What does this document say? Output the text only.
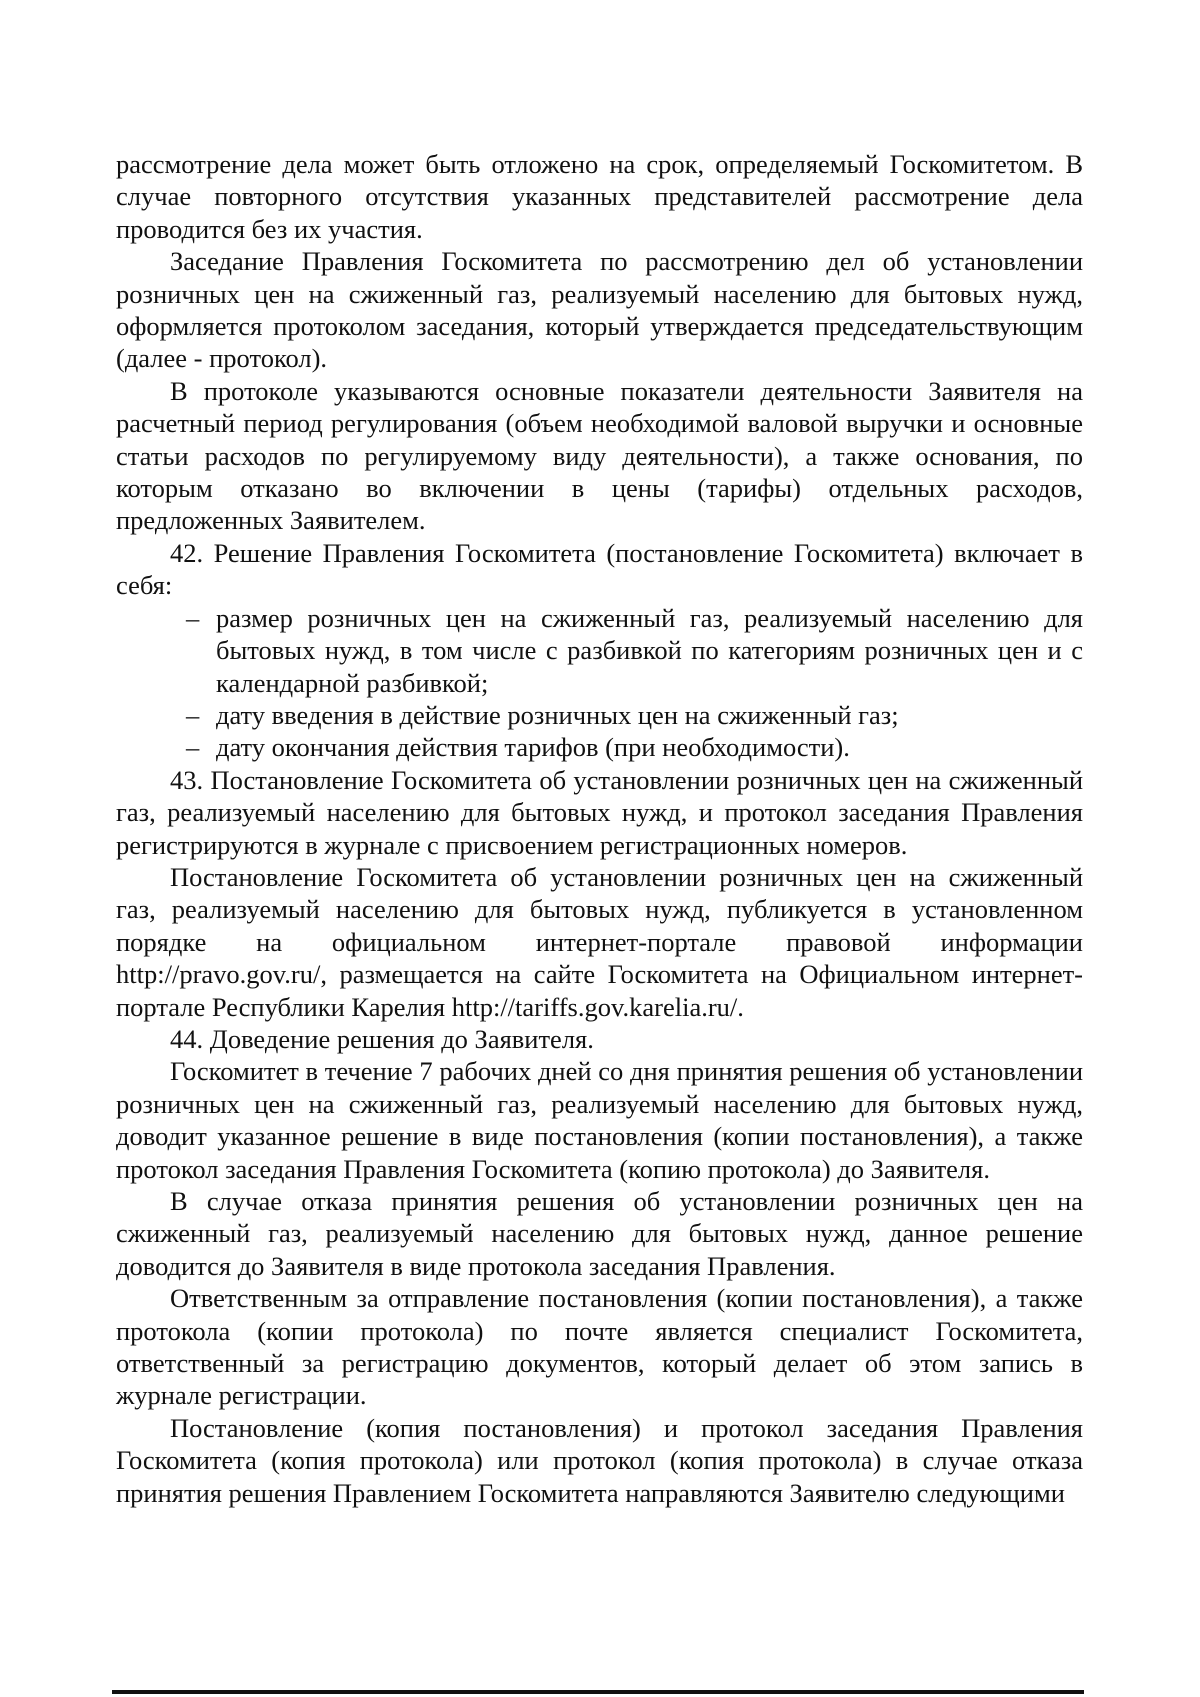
рассмотрение дела может быть отложено на срок, определяемый Госкомитетом. В случае повторного отсутствия указанных представителей рассмотрение дела проводится без их участия.

Заседание Правления Госкомитета по рассмотрению дел об установлении розничных цен на сжиженный газ, реализуемый населению для бытовых нужд, оформляется протоколом заседания, который утверждается председательствующим (далее - протокол).

В протоколе указываются основные показатели деятельности Заявителя на расчетный период регулирования (объем необходимой валовой выручки и основные статьи расходов по регулируемому виду деятельности), а также основания, по которым отказано во включении в цены (тарифы) отдельных расходов, предложенных Заявителем.

42. Решение Правления Госкомитета (постановление Госкомитета) включает в себя:

– размер розничных цен на сжиженный газ, реализуемый населению для бытовых нужд, в том числе с разбивкой по категориям розничных цен и с календарной разбивкой;
– дату введения в действие розничных цен на сжиженный газ;
– дату окончания действия тарифов (при необходимости).

43. Постановление Госкомитета об установлении розничных цен на сжиженный газ, реализуемый населению для бытовых нужд, и протокол заседания Правления регистрируются в журнале с присвоением регистрационных номеров.

Постановление Госкомитета об установлении розничных цен на сжиженный газ, реализуемый населению для бытовых нужд, публикуется в установленном порядке на официальном интернет-портале правовой информации http://pravo.gov.ru/, размещается на сайте Госкомитета на Официальном интернет-портале Республики Карелия http://tariffs.gov.karelia.ru/.

44. Доведение решения до Заявителя.

Госкомитет в течение 7 рабочих дней со дня принятия решения об установлении розничных цен на сжиженный газ, реализуемый населению для бытовых нужд, доводит указанное решение в виде постановления (копии постановления), а также протокол заседания Правления Госкомитета (копию протокола) до Заявителя.

В случае отказа принятия решения об установлении розничных цен на сжиженный газ, реализуемый населению для бытовых нужд, данное решение доводится до Заявителя в виде протокола заседания Правления.

Ответственным за отправление постановления (копии постановления), а также протокола (копии протокола) по почте является специалист Госкомитета, ответственный за регистрацию документов, который делает об этом запись в журнале регистрации.

Постановление (копия постановления) и протокол заседания Правления Госкомитета (копия протокола) или протокол (копия протокола) в случае отказа принятия решения Правлением Госкомитета направляются Заявителю следующими
